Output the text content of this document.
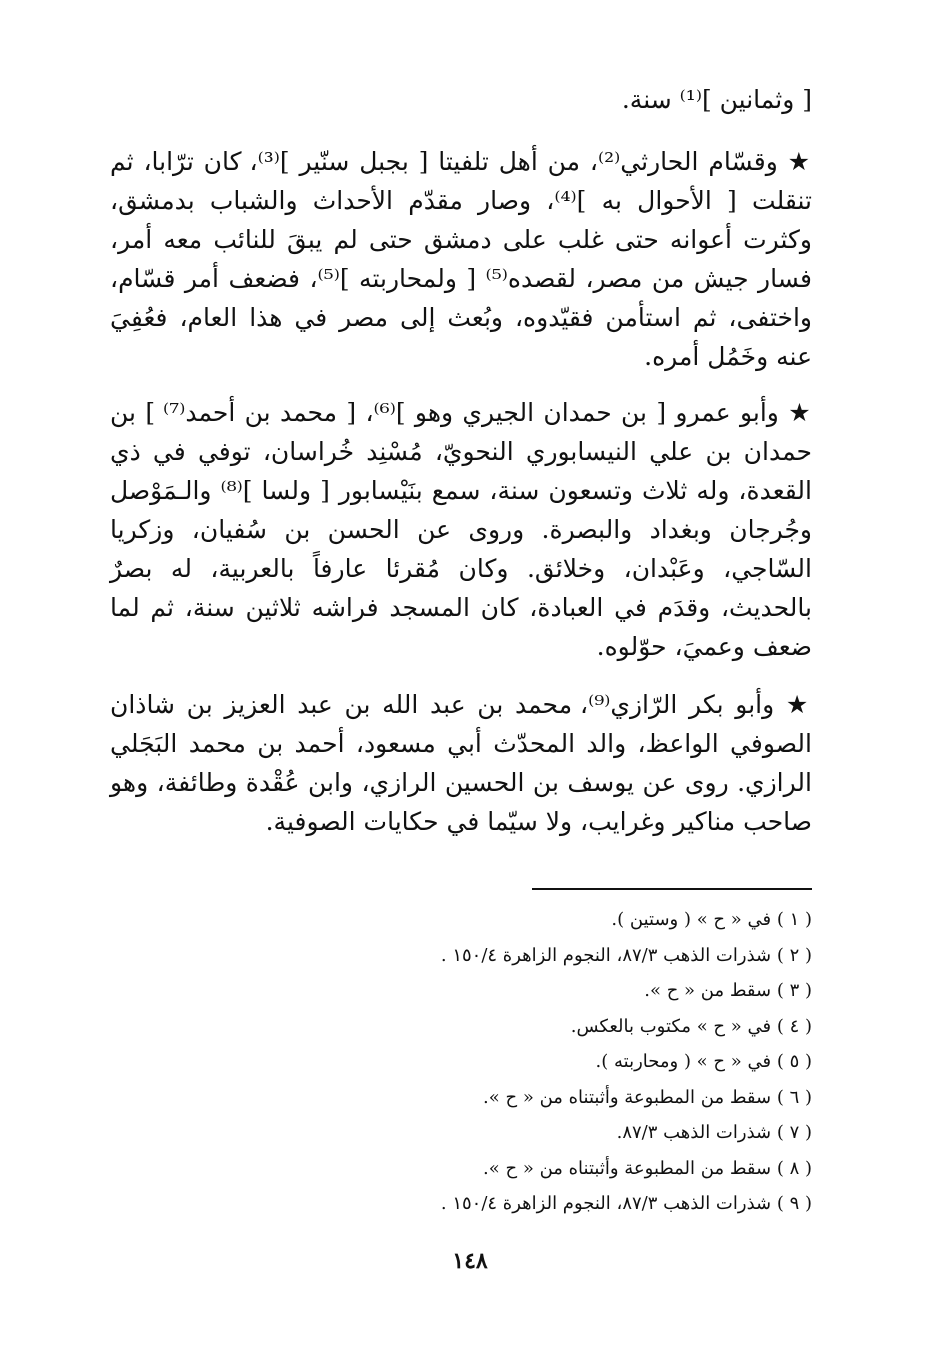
[ وثمانين ]⁽¹⁾ سنة.
★ وقسّام الحارثي⁽²⁾، من أهل تلفيتا [ بجبل سنّير ]⁽³⁾، كان ترّابا، ثم تنقلت [ الأحوال به ]⁽⁴⁾، وصار مقدّم الأحداث والشباب بدمشق، وكثرت أعوانه حتى غلب على دمشق حتى لم يبقَ للنائب معه أمر، فسار جيش من مصر، لقصده⁽⁵⁾ [ ولمحاربته ]⁽⁵⁾، فضعف أمر قسّام، واختفى، ثم استأمن فقيّدوه، وبُعث إلى مصر في هذا العام، فعُفِيَ عنه وخَمُل أمره.
★ وأبو عمرو [ بن حمدان الجيري وهو ]⁽⁶⁾، [ محمد بن أحمد⁽⁷⁾ ] بن حمدان بن علي النيسابوري النحويّ، مُسْنِد خُراسان، توفي في ذي القعدة، وله ثلاث وتسعون سنة، سمع بنَيْسابور [ ولسا ]⁽⁸⁾ والـمَوْصل وجُرجان وبغداد والبصرة. وروى عن الحسن بن سُفيان، وزكريا السّاجي، وعَبْدان، وخلائق. وكان مُقرئا عارفاً بالعربية، له بصرٌ بالحديث، وقدَم في العبادة، كان المسجد فراشه ثلاثين سنة، ثم لما ضعف وعميَ، حوّلوه.
★ وأبو بكر الرّازي⁽⁹⁾، محمد بن عبد الله بن عبد العزيز بن شاذان الصوفي الواعظ، والد المحدّث أبي مسعود، أحمد بن محمد البَجَلي الرازي. روى عن يوسف بن الحسين الرازي، وابن عُقْدة وطائفة، وهو صاحب مناكير وغرايب، ولا سيّما في حكايات الصوفية.
( ١ ) في « ح » ( وستين ).
( ٢ ) شذرات الذهب ٨٧/٣، النجوم الزاهرة ١٥٠/٤ .
( ٣ ) سقط من « ح ».
( ٤ ) في « ح » مكتوب بالعكس.
( ٥ ) في « ح » ( ومحاربته ).
( ٦ ) سقط من المطبوعة وأثبتناه من « ح ».
( ٧ ) شذرات الذهب ٨٧/٣.
( ٨ ) سقط من المطبوعة وأثبتناه من « ح ».
( ٩ ) شذرات الذهب ٨٧/٣، النجوم الزاهرة ١٥٠/٤ .
١٤٨
